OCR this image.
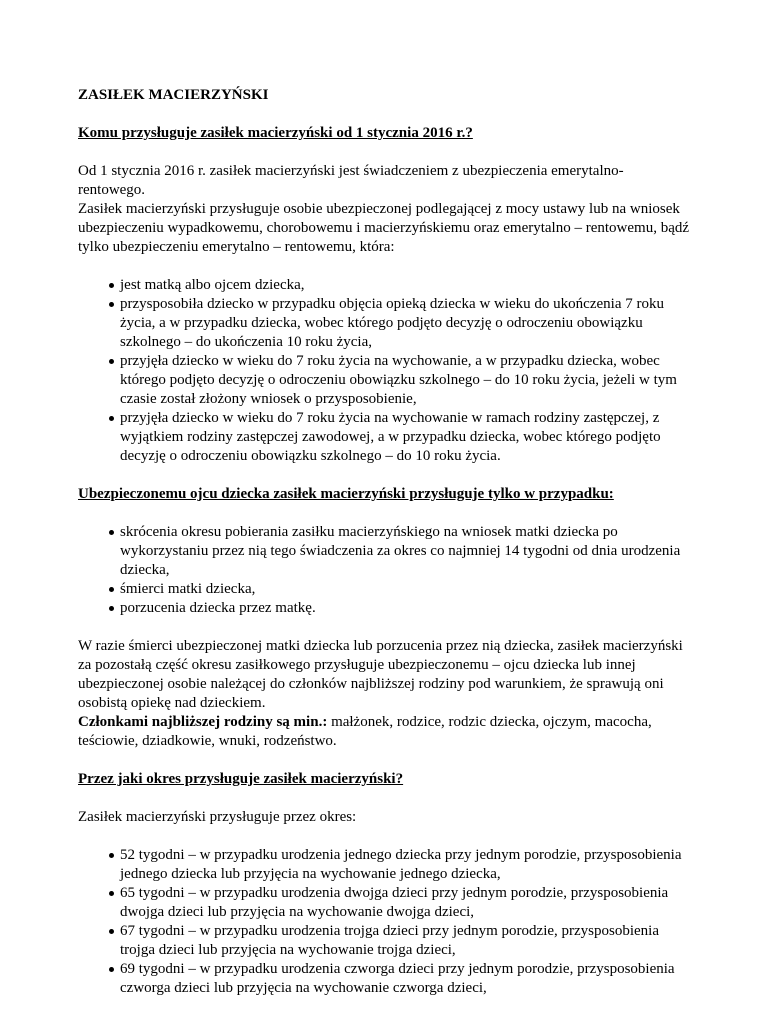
ZASIŁEK MACIERZYŃSKI
Komu przysługuje zasiłek macierzyński od 1 stycznia 2016 r.?
Od 1 stycznia 2016 r. zasiłek macierzyński jest świadczeniem z ubezpieczenia emerytalno- rentowego.
Zasiłek macierzyński przysługuje osobie ubezpieczonej podlegającej z mocy ustawy lub na wniosek ubezpieczeniu wypadkowemu, chorobowemu i macierzyńskiemu oraz emerytalno – rentowemu, bądź tylko ubezpieczeniu emerytalno – rentowemu, która:
jest matką albo ojcem dziecka,
przysposobiła dziecko w przypadku objęcia opieką dziecka w wieku do ukończenia 7 roku życia, a w przypadku dziecka, wobec którego podjęto decyzję o odroczeniu obowiązku szkolnego – do ukończenia 10 roku życia,
przyjęła dziecko w wieku do 7 roku życia na wychowanie, a w przypadku dziecka, wobec którego podjęto decyzję o odroczeniu obowiązku szkolnego – do 10 roku życia, jeżeli w tym czasie został złożony wniosek o przysposobienie,
przyjęła dziecko w wieku do 7 roku życia na wychowanie w ramach rodziny zastępczej, z wyjątkiem rodziny zastępczej zawodowej, a w przypadku dziecka, wobec którego podjęto decyzję o odroczeniu obowiązku szkolnego – do 10 roku życia.
Ubezpieczonemu ojcu dziecka zasiłek macierzyński przysługuje tylko w przypadku:
skrócenia okresu pobierania zasiłku macierzyńskiego na wniosek matki dziecka po wykorzystaniu przez nią tego świadczenia za okres co najmniej 14 tygodni od dnia urodzenia dziecka,
śmierci matki dziecka,
porzucenia dziecka przez matkę.
W razie śmierci ubezpieczonej matki dziecka lub porzucenia przez nią dziecka, zasiłek macierzyński za pozostałą część okresu zasiłkowego przysługuje ubezpieczonemu – ojcu dziecka lub innej ubezpieczonej osobie należącej do członków najbliższej rodziny pod warunkiem, że sprawują oni osobistą opiekę nad dzieckiem.
Członkami najbliższej rodziny są min.: małżonek, rodzice, rodzic dziecka, ojczym, macocha, teściowie, dziadkowie, wnuki, rodzeństwo.
Przez jaki okres przysługuje zasiłek macierzyński?
Zasiłek macierzyński przysługuje przez okres:
52 tygodni – w przypadku urodzenia jednego dziecka przy jednym porodzie, przysposobienia jednego dziecka lub przyjęcia na wychowanie jednego dziecka,
65 tygodni – w przypadku urodzenia dwojga dzieci przy jednym porodzie, przysposobienia dwojga dzieci lub przyjęcia na wychowanie dwojga dzieci,
67 tygodni – w przypadku urodzenia trojga dzieci przy jednym porodzie, przysposobienia trojga dzieci lub przyjęcia na wychowanie trojga dzieci,
69 tygodni – w przypadku urodzenia czworga dzieci przy jednym porodzie, przysposobienia czworga dzieci lub przyjęcia na wychowanie czworga dzieci,
